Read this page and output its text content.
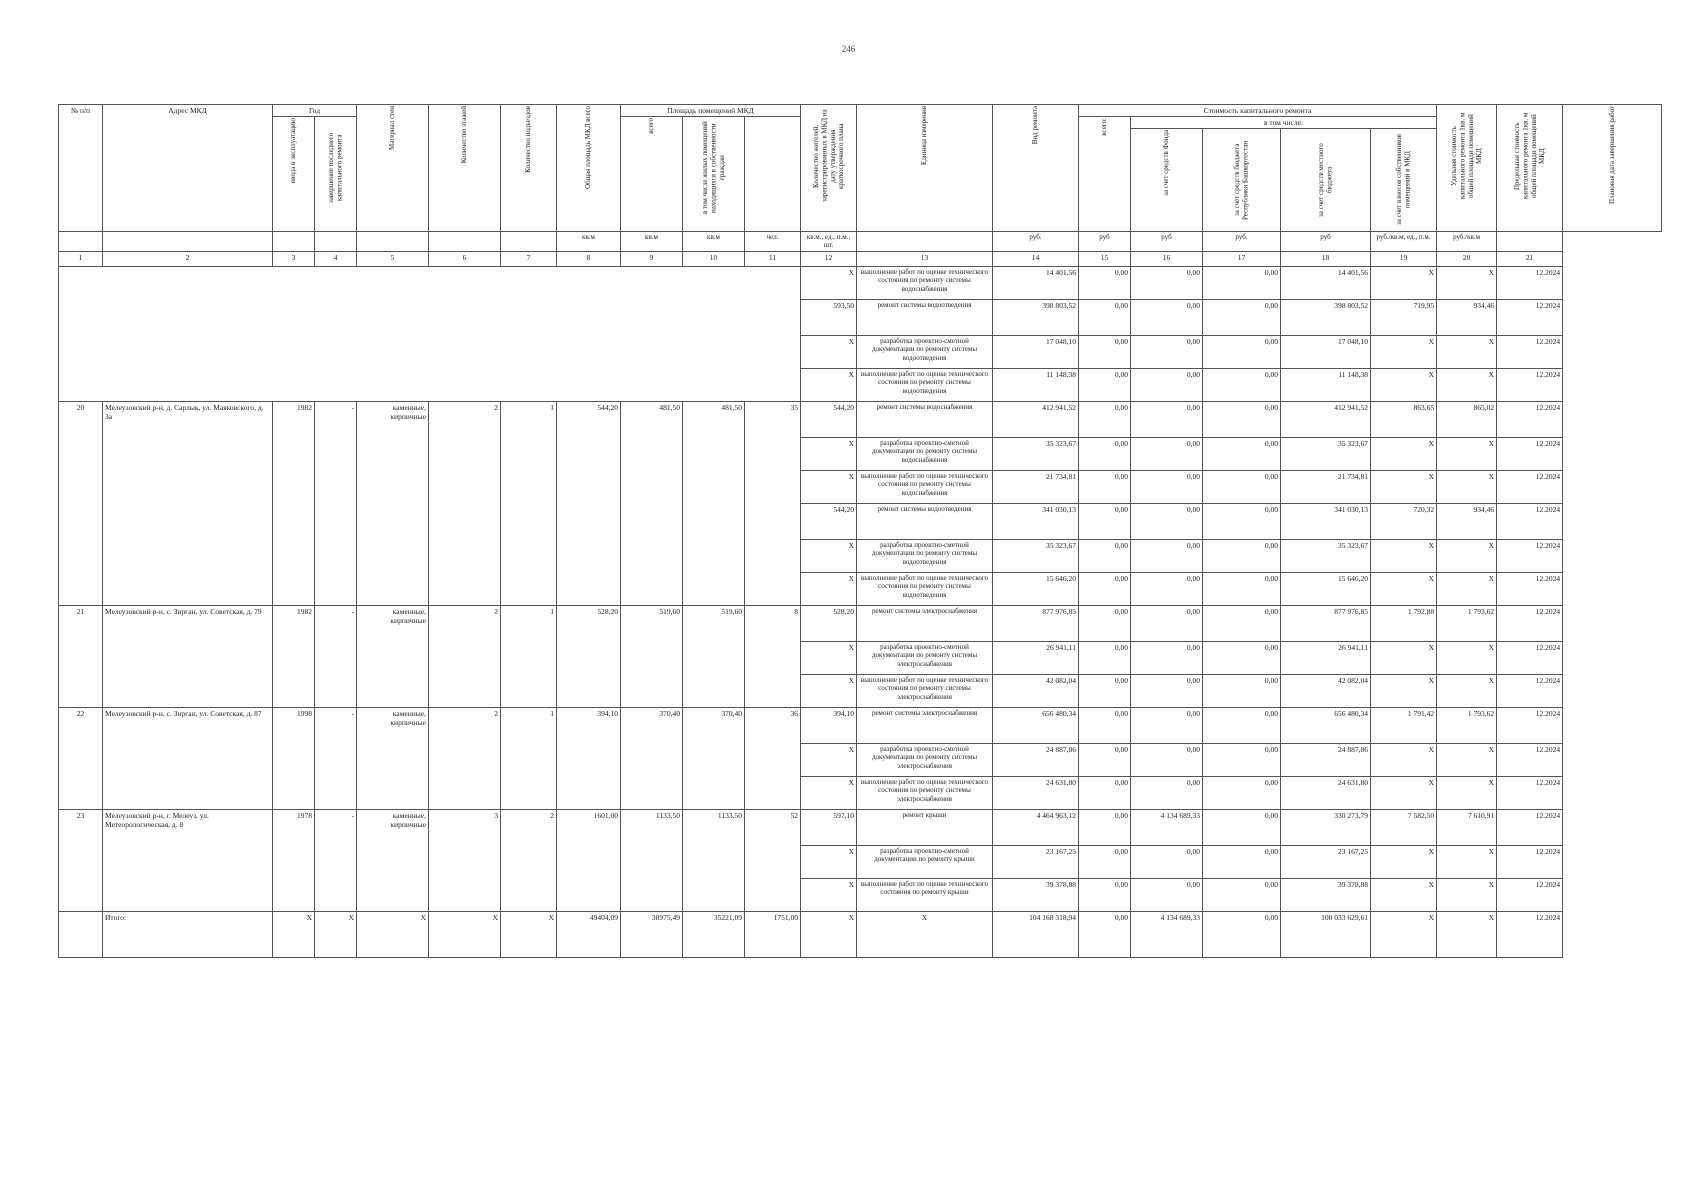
246
№ п/п	Адрес МКД	Год		Материал стен	Количество этажей	Количество подъездов	Общая площадь МКД всего	Площадь помещений МКД			Количество жителей, зарегистрированных в МКД на дату утверждения краткосрочного плана	Единица измерения	Вид ремонта	Стоимость капитального ремонта					Удельная стоимость капитального ремонта 1кв. м общей площади помещений МКД	Предельная стоимость капитального ремонта 1кв. м общей площади помещений МКД	Плановая дата завершения работ

		ввода в эксплуатацию	завершение последнего капитального ремонта					всего	в том числе жилых помещений находящихся в собственности граждан					всего:	в том числе:						

															за счет средств Фонда	за счет средств бюджета Республики Башкортостан	за счет средств местного бюджета	за счет взносов собственников помещений в МКД			

							кв.м	кв.м	кв.м	чел.	кв.м., ед., п.м., шт.		руб.	руб	руб	руб.	руб	руб./кв.м, ед., п.м.	руб./кв.м		
1	2	3	4	5	6	7	8	9	10	11	12	13	14	15	16	17	18	19	20	21	
											X	выполнение работ по оценке технического состояния по ремонту системы водоснабжения	14 401,56	0,00	0,00	0,00	14 401,56	X	X	12.2024	
											593,50	ремонт системы водоотведения	398 803,52	0,00	0,00	0,00	398 803,52	719,95	934,46	12.2024	
											X	разработка проектно-сметной документации по ремонту системы водоотведения	17 048,10	0,00	0,00	0,00	17 048,10	X	X	12.2024	
											X	выполнение работ по оценке технического состояния по ремонту системы водоотведения	11 148,38	0,00	0,00	0,00	11 148,38	X	X	12.2024	
20	Мелеузовский р-н, д. Сарлык, ул. Маяковского, д. 3а	1982	-	каменные, кирпичные	2	1	544,20	481,50	481,50	35	544,20	ремонт системы водоснабжения	412 941,52	0,00	0,00	0,00	412 941,52	863,65	865,02	12.2024	
											X	разработка проектно-сметной документации по ремонту системы водоснабжения	35 323,67	0,00	0,00	0,00	35 323,67	X	X	12.2024	
											X	выполнение работ по оценке технического состояния по ремонту системы водоснабжения	21 734,81	0,00	0,00	0,00	21 734,81	X	X	12.2024	
											544,20	ремонт системы водоотведения	341 030,13	0,00	0,00	0,00	341 030,13	720,32	934,46	12.2024	
											X	разработка проектно-сметной документации по ремонту системы водоотведения	35 323,67	0,00	0,00	0,00	35 323,67	X	X	12.2024	
											X	выполнение работ по оценке технического состояния по ремонту системы водоотведения	15 646,20	0,00	0,00	0,00	15 646,20	X	X	12.2024	
21	Мелеузовский р-н, с. Зирган, ул. Советская, д. 79	1982	-	каменные, кирпичные	2	1	528,20	519,60	519,60	8	528,20	ремонт системы электроснабжения	877 976,85	0,00	0,00	0,00	877 976,85	1 792,88	1 793,62	12.2024	
											X	разработка проектно-сметной документации по ремонту системы электроснабжения	26 941,11	0,00	0,00	0,00	26 941,11	X	X	12.2024	
											X	выполнение работ по оценке технического состояния по ремонту системы электроснабжения	42 082,04	0,00	0,00	0,00	42 082,04	X	X	12.2024	
22	Мелеузовский р-н, с. Зирган, ул. Советская, д. 87	1998	-	каменные, кирпичные	2	1	394,10	370,40	370,40	36	394,10	ремонт системы электроснабжения	656 480,34	0,00	0,00	0,00	656 480,34	1 791,42	1 793,62	12.2024	
											X	разработка проектно-сметной документации по ремонту системы электроснабжения	24 887,86	0,00	0,00	0,00	24 887,86	X	X	12.2024	
											X	выполнение работ по оценке технического состояния по ремонту системы электроснабжения	24 631,80	0,00	0,00	0,00	24 631,80	X	X	12.2024	
23	Мелеузовский р-н, г. Мелеуз, ул. Метеорологическая, д. 8	1978	-	каменные, кирпичные	3	2	1601,00	1133,50	1133,50	52	597,10	ремонт крыши	4 464 963,12	0,00	4 134 689,33	0,00	330 273,79	7 582,50	7 610,91	12.2024	
											X	разработка проектно-сметной документации по ремонту крыши	23 167,25	0,00	0,00	0,00	23 167,25	X	X	12.2024	
											X	выполнение работ по оценке технического состояния по ремонту крыши	39 378,88	0,00	0,00	0,00	39 378,88	X	X	12.2024	
	Итого:	X	X	X	X	X	49404,09	38975,49	35221,09	1751,00	X	X	104 168 318,94	0,00	4 134 689,33	0,00	100 033 629,61	X	X	12.2024	
